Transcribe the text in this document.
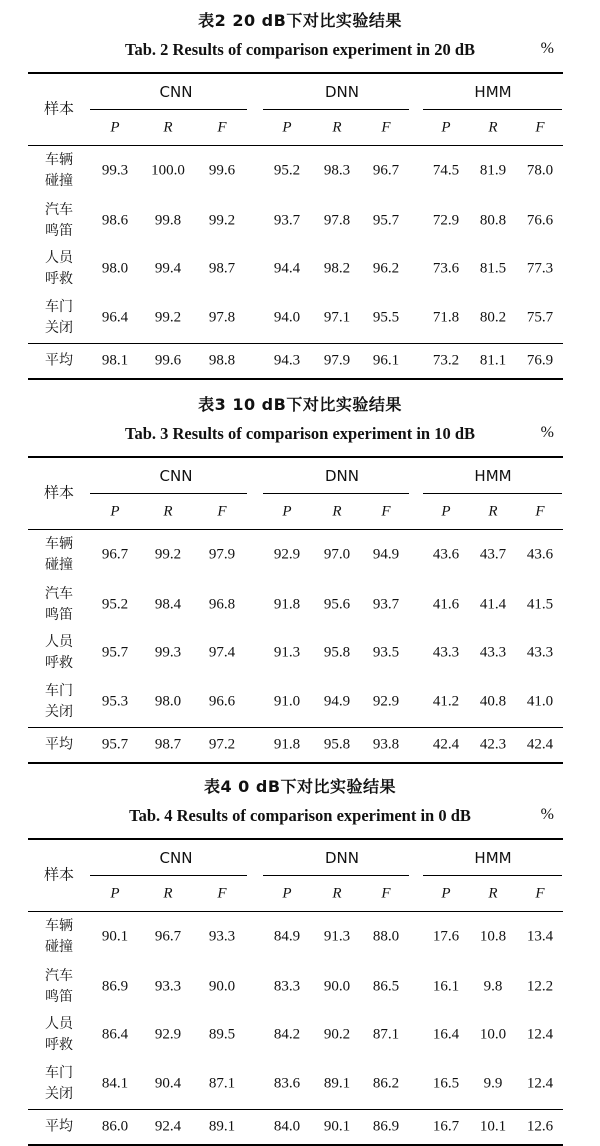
表2 20 dB下对比实验结果
Tab. 2 Results of comparison experiment in 20 dB	%
样本
CNN
P	R	F
DNN
P	R	F
HMM
P	R	F
车辆碰撞
99.3 100.0 99.6	95.2 98.3 96.7 74.5 81.9 78.0
汽车鸣笛
98.6 99.8 99.2	93.7 97.8 95.7 72.9 80.8 76.6
人员呼救
98.0 99.4 98.7	94.4 98.2 96.2 73.6 81.5 77.3
车门关闭
96.4 99.2 97.8	94.0 97.1 95.5 71.8 80.2 75.7
平均 98.1 99.6 98.8	94.3 97.9 96.1 73.2 81.1 76.9
表3 10 dB下对比实验结果
Tab. 3 Results of comparison experiment in 10 dB	%
样本
CNN
P	R	F
DNN
P	R	F
HMM
P	R	F
车辆碰撞
96.7 99.2 97.9	92.9 97.0 94.9 43.6 43.7 43.6
汽车鸣笛
95.2 98.4 96.8	91.8 95.6 93.7 41.6 41.4 41.5
人员呼救
95.7 99.3 97.4	91.3 95.8 93.5 43.3 43.3 43.3
车门关闭
95.3 98.0 96.6	91.0 94.9 92.9 41.2 40.8 41.0
平均 95.7 98.7 97.2	91.8 95.8 93.8 42.4 42.3 42.4
表4 0 dB下对比实验结果
Tab. 4 Results of comparison experiment in 0 dB	%
样本
CNN
P	R	F
DNN
P	R	F
HMM
P	R	F
车辆碰撞
90.1 96.7 93.3	84.9 91.3 88.0 17.6 10.8 13.4
汽车鸣笛
86.9 93.3 90.0	83.3 90.0 86.5 16.1 9.8 12.2
人员呼救
86.4 92.9 89.5	84.2 90.2 87.1 16.4 10.0 12.4
车门关闭
84.1 90.4 87.1	83.6 89.1 86.2 16.5 9.9 12.4
平均 86.0 92.4 89.1	84.0 90.1 86.9 16.7 10.1 12.6
